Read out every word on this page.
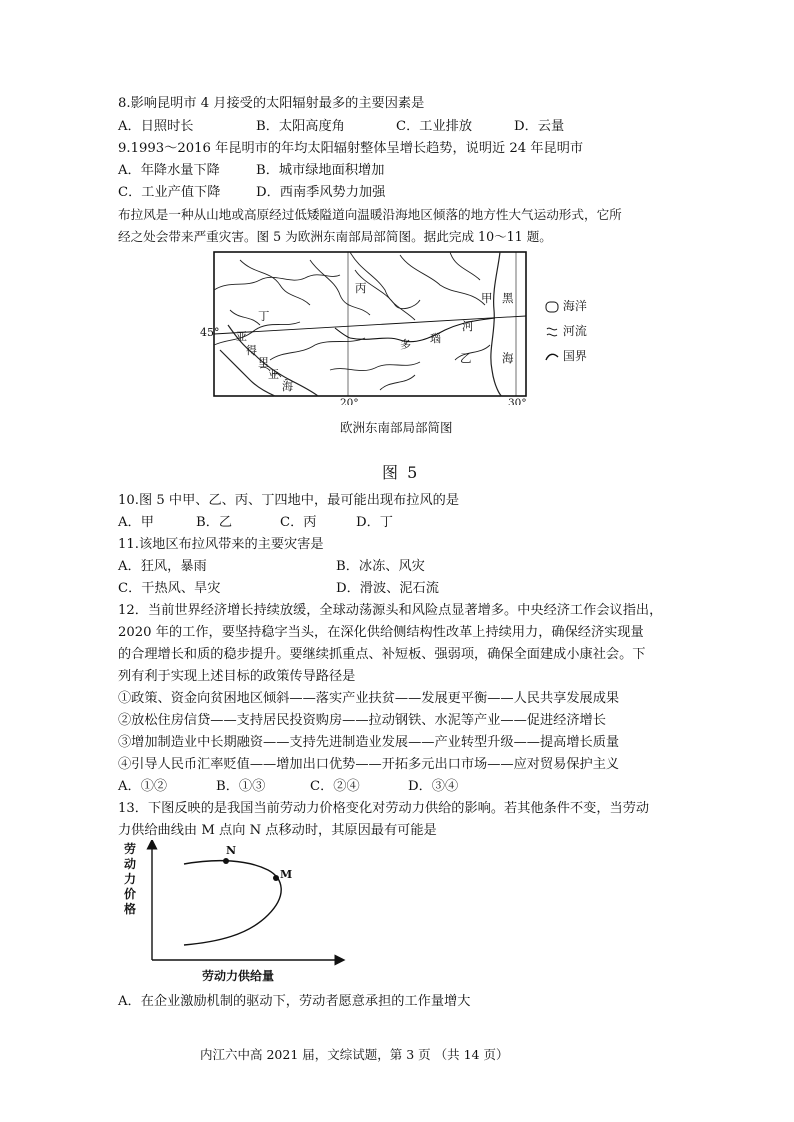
8.影响昆明市 4 月接受的太阳辐射最多的主要因素是
A．日照时长	B．太阳高度角	C．工业排放	D．云量
9.1993～2016 年昆明市的年均太阳辐射整体呈增长趋势，说明近 24 年昆明市
A．年降水量下降	B．城市绿地面积增加
C．工业产值下降	D．西南季风势力加强
布拉风是一种从山地或高原经过低矮隘道向温暖沿海地区倾落的地方性大气运动形式，它所
经之处会带来严重灾害。图 5 为欧洲东南部局部简图。据此完成 10～11 题。
丙
甲 黑
河
海
乙
丁
亚
得
里
亚
海
多 瑙
45°
20°	30°
海洋
河流
国界
欧洲东南部局部简图
图 5
10.图 5 中甲、乙、丙、丁四地中，最可能出现布拉风的是
A．甲	B．乙	C．丙	D．丁
11.该地区布拉风带来的主要灾害是
A．狂风，暴雨	B．冰冻、风灾
C．干热风、旱灾	D．滑波、泥石流
12．当前世界经济增长持续放缓，全球动荡源头和风险点显著增多。中央经济工作会议指出，
2020 年的工作，要坚持稳字当头，在深化供给侧结构性改革上持续用力，确保经济实现量
的合理增长和质的稳步提升。要继续抓重点、补短板、强弱项，确保全面建成小康社会。下
列有利于实现上述目标的政策传导路径是
①政策、资金向贫困地区倾斜——落实产业扶贫——发展更平衡——人民共享发展成果
②放松住房信贷——支持居民投资购房——拉动钢铁、水泥等产业——促进经济增长
③增加制造业中长期融资——支持先进制造业发展——产业转型升级——提高增长质量
④引导人民币汇率贬值——增加出口优势——开拓多元出口市场——应对贸易保护主义
A．①②	B．①③	C．②④	D．③④
13．下图反映的是我国当前劳动力价格变化对劳动力供给的影响。若其他条件不变，当劳动
力供给曲线由 M 点向 N 点移动时，其原因最有可能是
N
M
劳动力供给量
劳动力价格
A．在企业激励机制的驱动下，劳动者愿意承担的工作量增大
内江六中高 2021 届，文综试题，第 3 页 （共 14 页）
